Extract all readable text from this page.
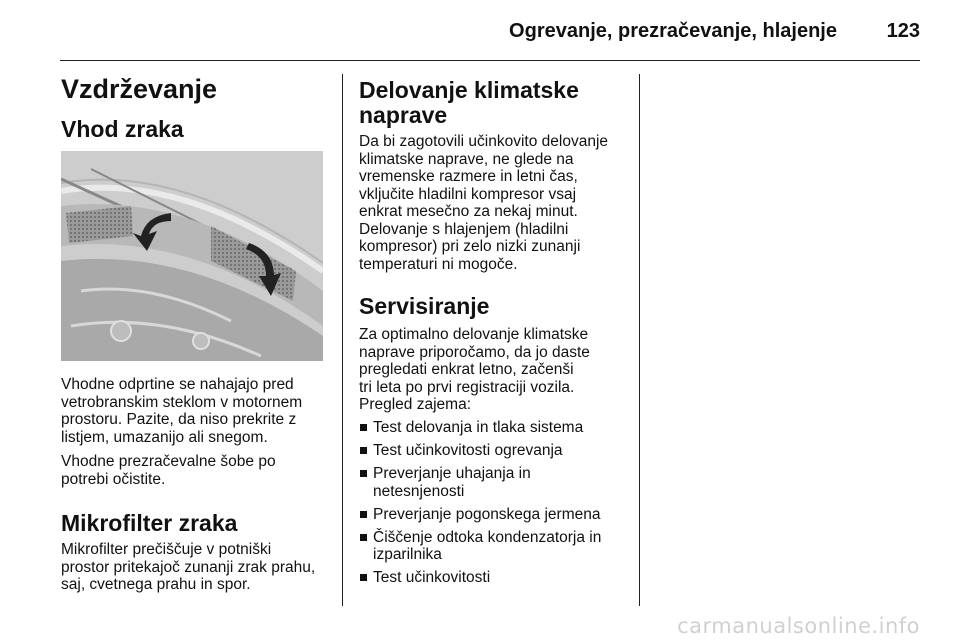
Ogrevanje, prezračevanje, hlajenje 123
Vzdrževanje
Vhod zraka
Vhodne odprtine se nahajajo pred
vetrobranskim steklom v motornem
prostoru. Pazite, da niso prekrite z
listjem, umazanijo ali snegom.
Vhodne prezračevalne šobe po
potrebi očistite.
Mikrofilter zraka
Mikrofilter prečiščuje v potniški
prostor pritekajoč zunanji zrak prahu,
saj, cvetnega prahu in spor.
Delovanje klimatske
naprave
Da bi zagotovili učinkovito delovanje
klimatske naprave, ne glede na
vremenske razmere in letni čas,
vključite hladilni kompresor vsaj
enkrat mesečno za nekaj minut.
Delovanje s hlajenjem (hladilni
kompresor) pri zelo nizki zunanji
temperaturi ni mogoče.
Servisiranje
Za optimalno delovanje klimatske
naprave priporočamo, da jo daste
pregledati enkrat letno, začenši
tri leta po prvi registraciji vozila.
Pregled zajema:
Test delovanja in tlaka sistema
Test učinkovitosti ogrevanja
Preverjanje uhajanja in
netesnjenosti
Preverjanje pogonskega jermena
Čiščenje odtoka kondenzatorja in
izparilnika
Test učinkovitosti
carmanualsonline.info
